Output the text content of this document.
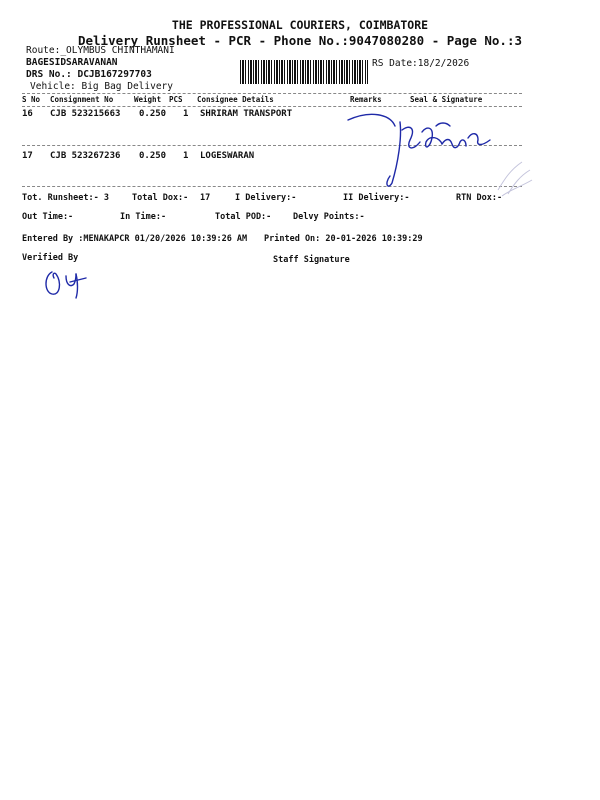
THE PROFESSIONAL COURIERS, COIMBATORE
Delivery Runsheet - PCR - Phone No.:9047080280 - Page No.:3
Route:_OLYMBUS CHINTHAMANI
BAGESIDSARAVANAN
DRS No.: DCJB167297703
Vehicle: Big Bag Delivery
RS Date:18/2/2026
S No Consignment No	Weight PCS Consignee Details	Remarks	Seal & Signature
16 CJB 523215663 0.250 1 SHRIRAM TRANSPORT
17 CJB 523267236 0.250 1 LOGESWARAN
Tot. Runsheet:- 3	Total Dox:- 17	I Delivery:-	II Delivery:-	RTN Dox:-
Out Time:-	In Time:-	Total POD:-	Delvy Points:-
Entered By :MENAKAPCR 01/20/2026 10:39:26 AM Printed On: 20-01-2026 10:39:29
Verified By	Staff Signature
